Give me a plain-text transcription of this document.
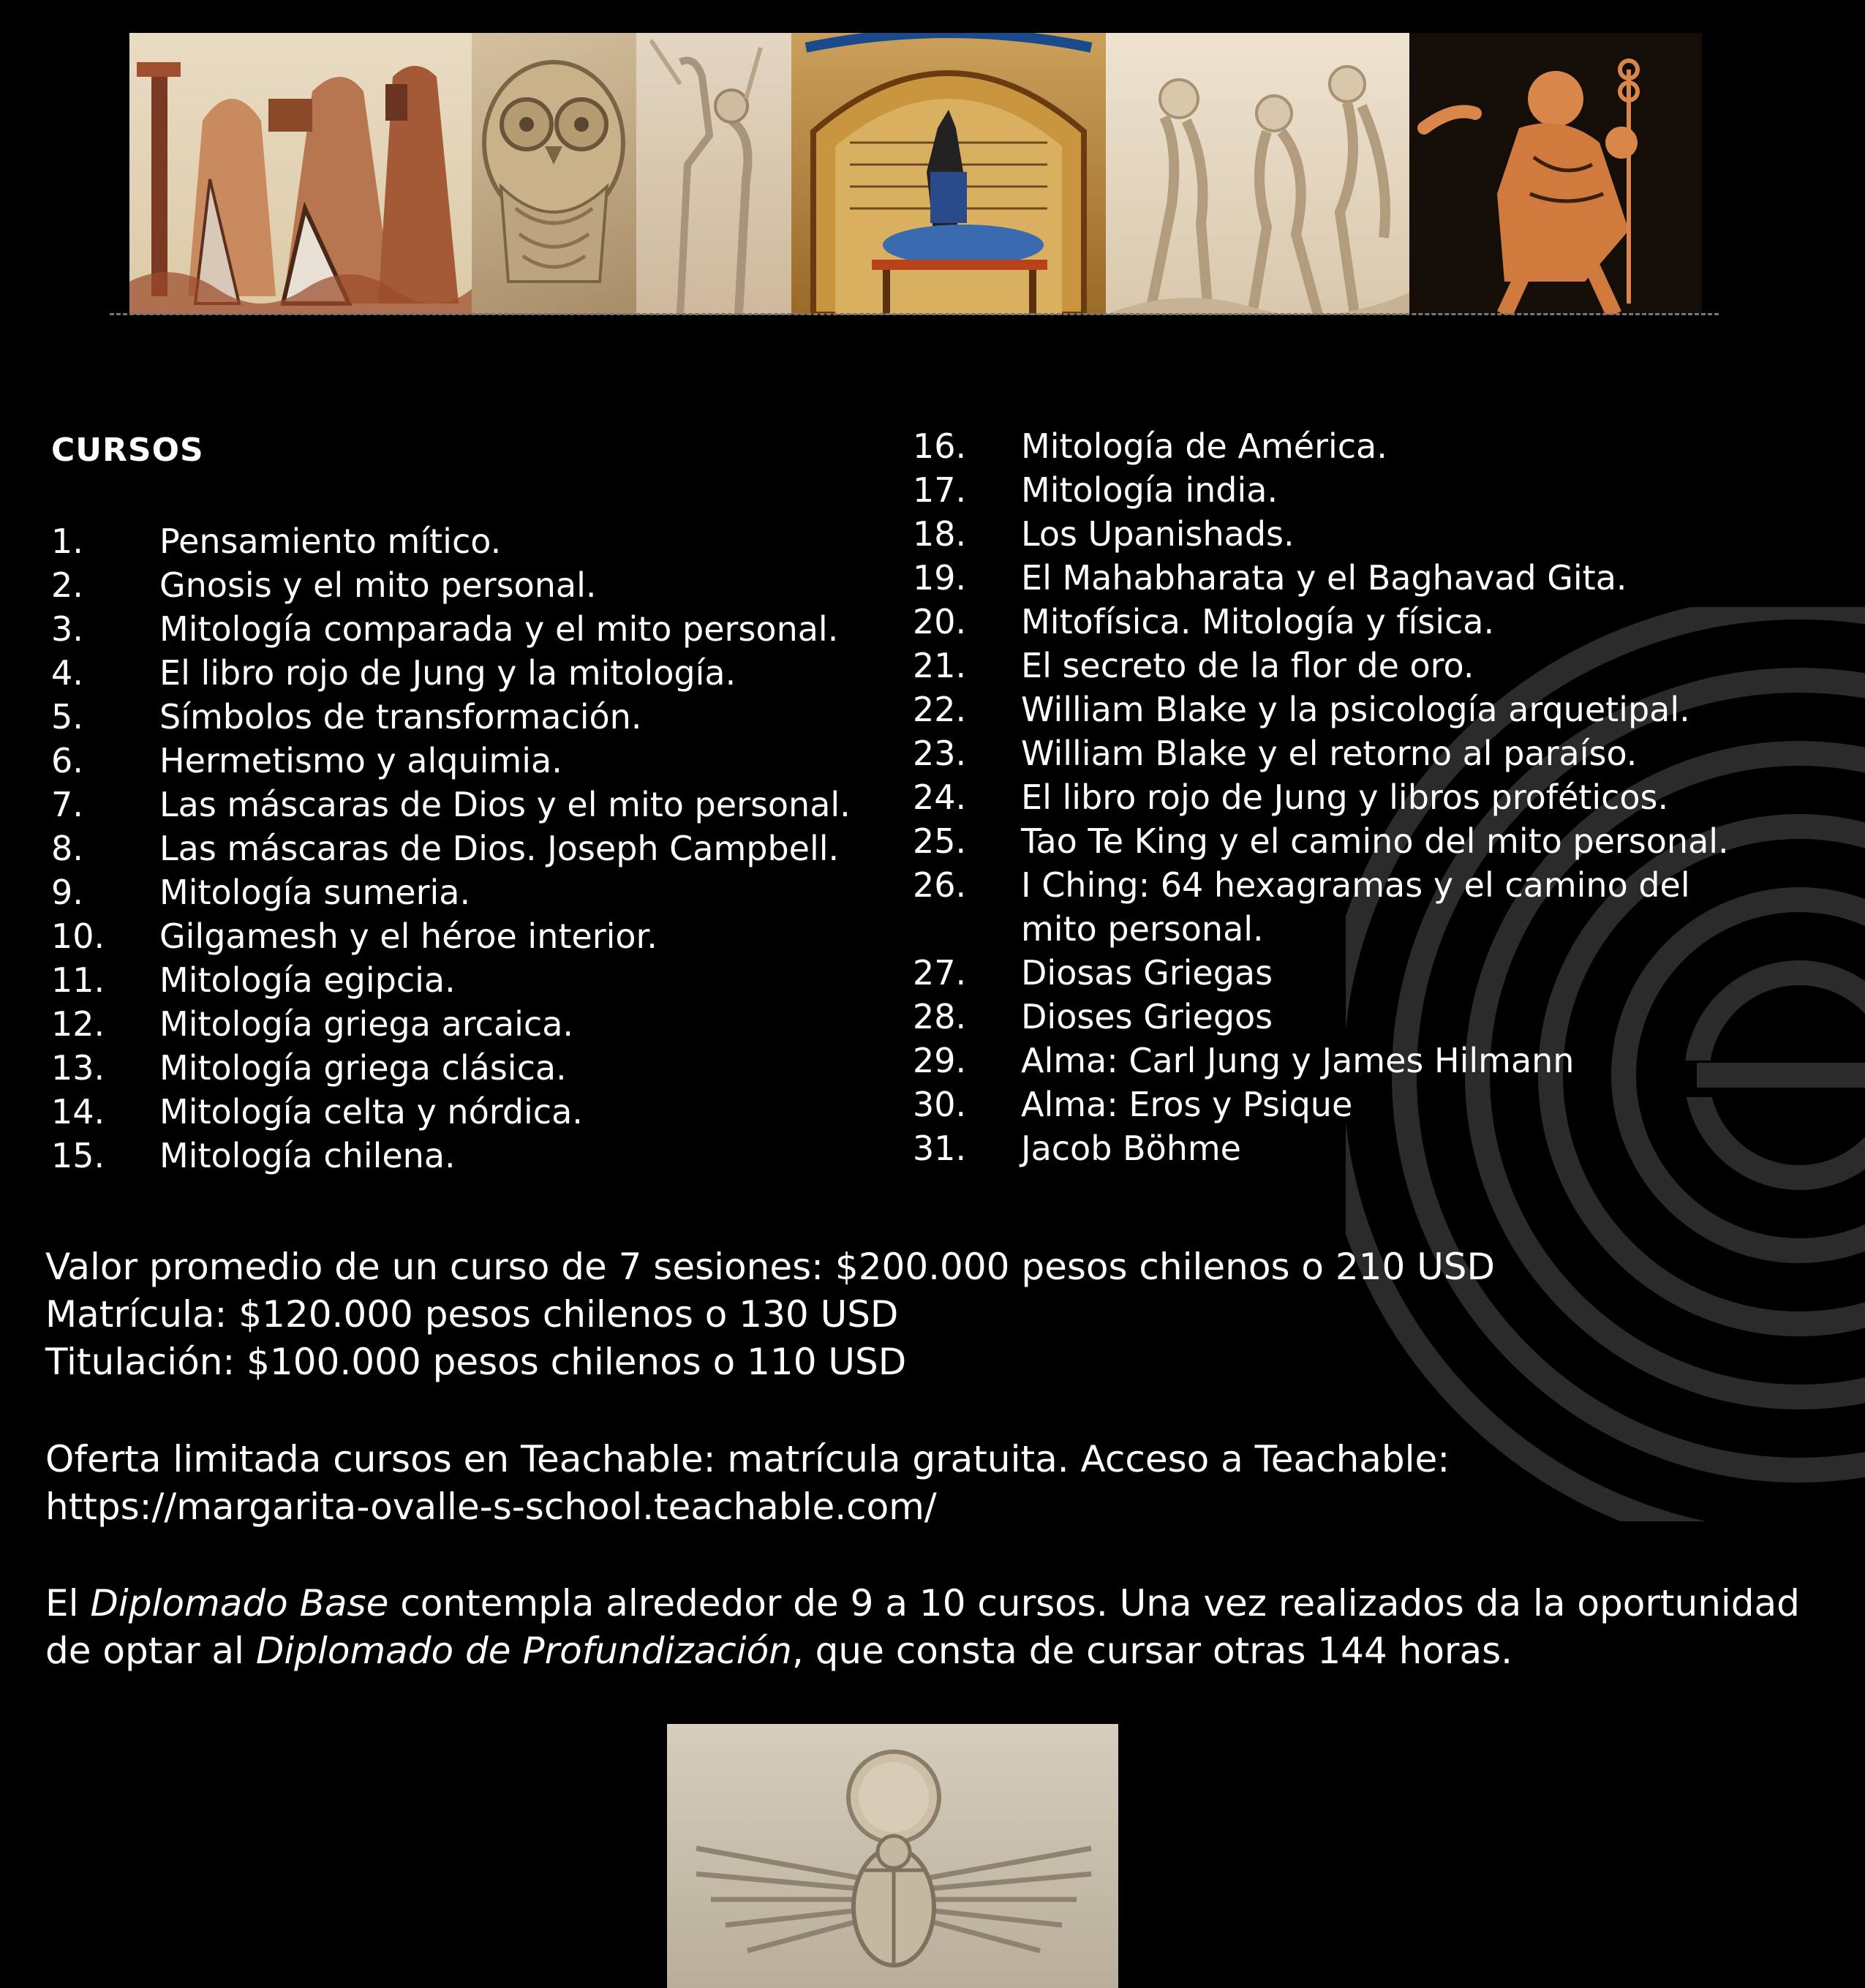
CURSOS
1. Pensamiento mítico.
2. Gnosis y el mito personal.
3. Mitología comparada y el mito personal.
4. El libro rojo de Jung y la mitología.
5. Símbolos de transformación.
6. Hermetismo y alquimia.
7. Las máscaras de Dios y el mito personal.
8. Las máscaras de Dios. Joseph Campbell.
9. Mitología sumeria.
10. Gilgamesh y el héroe interior.
11. Mitología egipcia.
12. Mitología griega arcaica.
13. Mitología griega clásica.
14. Mitología celta y nórdica.
15. Mitología chilena.
16. Mitología de América.
17. Mitología india.
18. Los Upanishads.
19. El Mahabharata y el Baghavad Gita.
20. Mitofísica. Mitología y física.
21. El secreto de la flor de oro.
22. William Blake y la psicología arquetipal.
23. William Blake y el retorno al paraíso.
24. El libro rojo de Jung y libros proféticos.
25. Tao Te King y el camino del mito personal.
26. I Ching: 64 hexagramas y el camino del
mito personal.
27. Diosas Griegas
28. Dioses Griegos
29. Alma: Carl Jung y James Hilmann
30. Alma: Eros y Psique
31. Jacob Böhme

Valor promedio de un curso de 7 sesiones: $200.000 pesos chilenos o 210 USD
Matrícula: $120.000 pesos chilenos o 130 USD
Titulación: $100.000 pesos chilenos o 110 USD

Oferta limitada cursos en Teachable: matrícula gratuita. Acceso a Teachable:
https://margarita-ovalle-s-school.teachable.com/

El Diplomado Base contempla alrededor de 9 a 10 cursos. Una vez realizados da la oportunidad
de optar al Diplomado de Profundización, que consta de cursar otras 144 horas.
